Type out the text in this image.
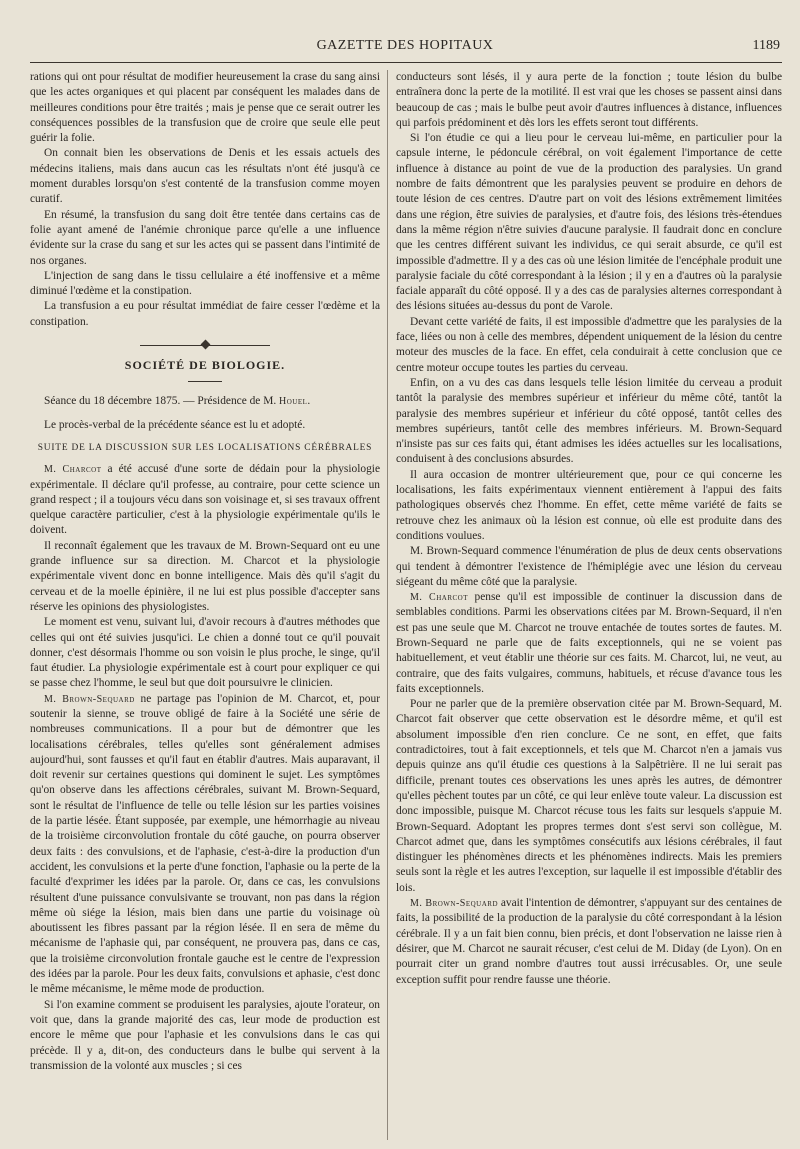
GAZETTE DES HOPITAUX	1189

rations qui ont pour résultat de modifier heureusement la crase du sang ainsi que les actes organiques et qui placent par conséquent les malades dans de meilleures conditions pour être traités ; mais je pense que ce serait outrer les conséquences possibles de la transfusion que de croire que seule elle peut guérir la folie.

On connait bien les observations de Denis et les essais actuels des médecins italiens, mais dans aucun cas les résultats n'ont été jusqu'à ce moment durables lorsqu'on s'est contenté de la transfusion comme moyen curatif.

En résumé, la transfusion du sang doit être tentée dans certains cas de folie ayant amené de l'anémie chronique parce qu'elle a une influence évidente sur la crase du sang et sur les actes qui se passent dans l'intimité de nos organes.

L'injection de sang dans le tissu cellulaire a été inoffensive et a même diminué l'œdème et la constipation.

La transfusion a eu pour résultat immédiat de faire cesser l'œdème et la constipation.

SOCIÉTÉ DE BIOLOGIE.

Séance du 18 décembre 1875. — Présidence de M. Houel.

Le procès-verbal de la précédente séance est lu et adopté.

SUITE DE LA DISCUSSION SUR LES LOCALISATIONS CÉRÉBRALES

M. Charcot a été accusé d'une sorte de dédain pour la physiologie expérimentale. Il déclare qu'il professe, au contraire, pour cette science un grand respect ; il a toujours vécu dans son voisinage et, si ses travaux offrent quelque caractère particulier, c'est à la physiologie expérimentale qu'ils le doivent.

Il reconnaît également que les travaux de M. Brown-Sequard ont eu une grande influence sur sa direction. M. Charcot et la physiologie expérimentale vivent donc en bonne intelligence. Mais dès qu'il s'agit du cerveau et de la moelle épinière, il ne lui est plus possible d'accepter sans réserve les opinions des physiologistes.

Le moment est venu, suivant lui, d'avoir recours à d'autres méthodes que celles qui ont été suivies jusqu'ici. Le chien a donné tout ce qu'il pouvait donner, c'est désormais l'homme ou son voisin le plus proche, le singe, qu'il faut étudier. La physiologie expérimentale est à court pour expliquer ce qui se passe chez l'homme, le seul but que doit poursuivre le clinicien.

M. Brown-Sequard ne partage pas l'opinion de M. Charcot, et, pour soutenir la sienne, se trouve obligé de faire à la Société une série de nombreuses communications. Il a pour but de démontrer que les localisations cérébrales, telles qu'elles sont généralement admises aujourd'hui, sont fausses et qu'il faut en établir d'autres. Mais auparavant, il doit revenir sur certaines questions qui dominent le sujet. Les symptômes qu'on observe dans les affections cérébrales, suivant M. Brown-Sequard, sont le résultat de l'influence de telle ou telle lésion sur les parties voisines de la partie lésée. Étant supposée, par exemple, une hémorrhagie au niveau de la troisième circonvolution frontale du côté gauche, on pourra observer deux faits : des convulsions, et de l'aphasie, c'est-à-dire la production d'un accident, les convulsions et la perte d'une fonction, l'aphasie ou la perte de la faculté d'exprimer les idées par la parole. Or, dans ce cas, les convulsions résultent d'une puissance convulsivante se trouvant, non pas dans la région même où siége la lésion, mais bien dans une partie du voisinage où aboutissent les fibres passant par la région lésée. Il en sera de même du mécanisme de l'aphasie qui, par conséquent, ne prouvera pas, dans ce cas, que la troisième circonvolution frontale gauche est le centre de l'expression des idées par la parole. Pour les deux faits, convulsions et aphasie, c'est donc le même mécanisme, le même mode de production.

Si l'on examine comment se produisent les paralysies, ajoute l'orateur, on voit que, dans la grande majorité des cas, leur mode de production est encore le même que pour l'aphasie et les convulsions dans le cas qui précède. Il y a, dit-on, des conducteurs dans le bulbe qui servent à la transmission de la volonté aux muscles ; si ces

conducteurs sont lésés, il y aura perte de la fonction ; toute lésion du bulbe entraînera donc la perte de la motilité. Il est vrai que les choses se passent ainsi dans beaucoup de cas ; mais le bulbe peut avoir d'autres influences à distance, influences qui parfois prédominent et dès lors les effets seront tout différents.

Si l'on étudie ce qui a lieu pour le cerveau lui-même, en particulier pour la capsule interne, le pédoncule cérébral, on voit également l'importance de cette influence à distance au point de vue de la production des paralysies. Un grand nombre de faits démontrent que les paralysies peuvent se produire en dehors de toute lésion de ces centres. D'autre part on voit des lésions extrêmement limitées dans une région, être suivies de paralysies, et d'autre fois, des lésions très-étendues dans la même région n'être suivies d'aucune paralysie. Il faudrait donc en conclure que les centres différent suivant les individus, ce qui serait absurde, ce qu'il est impossible d'admettre. Il y a des cas où une lésion limitée de l'encéphale produit une paralysie faciale du côté correspondant à la lésion ; il y en a d'autres où la paralysie faciale apparaît du côté opposé. Il y a des cas de paralysies alternes correspondant à des lésions situées au-dessus du pont de Varole.

Devant cette variété de faits, il est impossible d'admettre que les paralysies de la face, liées ou non à celle des membres, dépendent uniquement de la lésion du centre moteur des muscles de la face. En effet, cela conduirait à cette conclusion que ce centre moteur occupe toutes les parties du cerveau.

Enfin, on a vu des cas dans lesquels telle lésion limitée du cerveau a produit tantôt la paralysie des membres supérieur et inférieur du même côté, tantôt la paralysie des membres supérieur et inférieur du côté opposé, tantôt celles des membres supérieurs, tantôt celle des membres inférieurs. M. Brown-Sequard n'insiste pas sur ces faits qui, étant admises les idées actuelles sur les localisations, conduisent à des conclusions absurdes.

Il aura occasion de montrer ultérieurement que, pour ce qui concerne les localisations, les faits expérimentaux viennent entièrement à l'appui des faits pathologiques observés chez l'homme. En effet, cette même variété de faits se retrouve chez les animaux où la lésion est connue, où elle est produite dans des conditions voulues.

M. Brown-Sequard commence l'énumération de plus de deux cents observations qui tendent à démontrer l'existence de l'hémiplégie avec une lésion du cerveau siégeant du même côté que la paralysie.

M. Charcot pense qu'il est impossible de continuer la discussion dans de semblables conditions. Parmi les observations citées par M. Brown-Sequard, il n'en est pas une seule que M. Charcot ne trouve entachée de toutes sortes de fautes. M. Brown-Sequard ne parle que de faits exceptionnels, qui ne se voient pas habituellement, et veut établir une théorie sur ces faits. M. Charcot, lui, ne veut, au contraire, que des faits vulgaires, communs, habituels, et récuse d'avance tous les faits exceptionnels.

Pour ne parler que de la première observation citée par M. Brown-Sequard, M. Charcot fait observer que cette observation est le désordre même, et qu'il est absolument impossible d'en rien conclure. Ce ne sont, en effet, que faits contradictoires, tout à fait exceptionnels, et tels que M. Charcot n'en a jamais vus depuis quinze ans qu'il étudie ces questions à la Salpêtrière. Il ne lui serait pas difficile, prenant toutes ces observations les unes après les autres, de démontrer qu'elles pèchent toutes par un côté, ce qui leur enlève toute valeur. La discussion est donc impossible, puisque M. Charcot récuse tous les faits sur lesquels s'appuie M. Brown-Sequard. Adoptant les propres termes dont s'est servi son collègue, M. Charcot admet que, dans les symptômes consécutifs aux lésions cérébrales, il faut distinguer les phénomènes directs et les phénomènes indirects. Mais les premiers seuls sont la règle et les autres l'exception, sur laquelle il est impossible d'établir des lois.

M. Brown-Sequard avait l'intention de démontrer, s'appuyant sur des centaines de faits, la possibilité de la production de la paralysie du côté correspondant à la lésion cérébrale. Il y a un fait bien connu, bien précis, et dont l'observation ne laisse rien à désirer, que M. Charcot ne saurait récuser, c'est celui de M. Diday (de Lyon). On en pourrait citer un grand nombre d'autres tout aussi irrécusables. Or, une seule exception suffit pour rendre fausse une théorie.
